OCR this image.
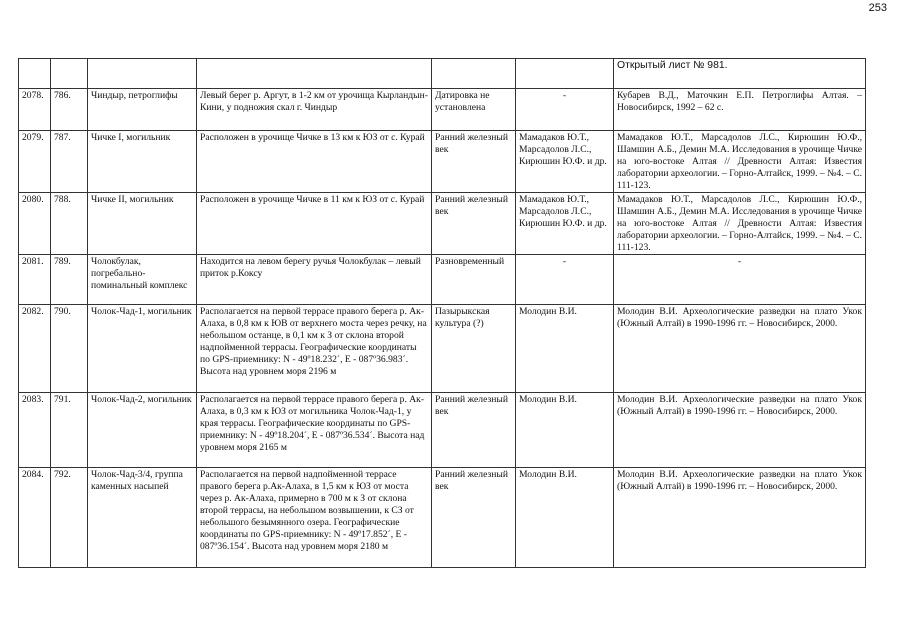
253
						Открытый лист № 981.
2078.	786.	Чиндыр, петроглифы	Левый берег р. Аргут, в 1-2 км от урочища Кырландын-Кини, у подножия скал г. Чиндыр	Датировка не установлена	-	Кубарев В.Д., Маточкин Е.П. Петроглифы Алтая. – Новосибирск, 1992 – 62 с.
2079.	787.	Чичке I, могильник	Расположен в урочище Чичке в 13 км к ЮЗ от с. Курай	Ранний железный век	Мамадаков Ю.Т., Марсадолов Л.С., Кирюшин Ю.Ф. и др.	Мамадаков Ю.Т., Марсадолов Л.С., Кирюшин Ю.Ф., Шамшин А.Б., Демин М.А. Исследования в урочище Чичке на юго-востоке Алтая // Древности Алтая: Известия лаборатории археологии. – Горно-Алтайск, 1999. – №4. – С. 111-123.
2080.	788.	Чичке II, могильник	Расположен в урочище Чичке в 11 км к ЮЗ от с. Курай	Ранний железный век	Мамадаков Ю.Т., Марсадолов Л.С., Кирюшин Ю.Ф. и др.	Мамадаков Ю.Т., Марсадолов Л.С., Кирюшин Ю.Ф., Шамшин А.Б., Демин М.А. Исследования в урочище Чичке на юго-востоке Алтая // Древности Алтая: Известия лаборатории археологии. – Горно-Алтайск, 1999. – №4. – С. 111-123.
2081.	789.	Чолокбулак, погребально-поминальный комплекс	Находится на левом берегу ручья Чолокбулак – левый приток р.Коксу	Разновременный	-	-
2082.	790.	Чолок-Чад-1, могильник	Располагается на первой террасе правого берега р. Ак-Алаха, в 0,8 км к ЮВ от верхнего моста через речку, на небольшом останце, в 0,1 км к З от склона второй надпойменной террасы. Географические координаты по GPS-приемнику: N - 49º18.232´, E - 087º36.983´. Высота над уровнем моря 2196 м	Пазырыкская культура (?)	Молодин В.И.	Молодин В.И. Археологические разведки на плато Укок (Южный Алтай) в 1990-1996 гг. – Новосибирск, 2000.
2083.	791.	Чолок-Чад-2, могильник	Располагается на первой террасе правого берега р. Ак-Алаха, в 0,3 км к ЮЗ от могильника Чолок-Чад-1, у края террасы. Географические координаты по GPS-приемнику: N - 49º18.204´, E - 087º36.534´. Высота над уровнем моря 2165 м	Ранний железный век	Молодин В.И.	Молодин В.И. Археологические разведки на плато Укок (Южный Алтай) в 1990-1996 гг. – Новосибирск, 2000.
2084.	792.	Чолок-Чад-3/4, группа каменных насыпей	Располагается на первой надпойменной террасе правого берега р.Ак-Алаха, в 1,5 км к ЮЗ от моста через р. Ак-Алаха, примерно в 700 м к З от склона второй террасы, на небольшом возвышении, к СЗ от небольшого безымянного озера. Географические координаты по GPS-приемнику: N - 49º17.852´, E - 087º36.154´. Высота над уровнем моря 2180 м	Ранний железный век	Молодин В.И.	Молодин В.И. Археологические разведки на плато Укок (Южный Алтай) в 1990-1996 гг. – Новосибирск, 2000.
